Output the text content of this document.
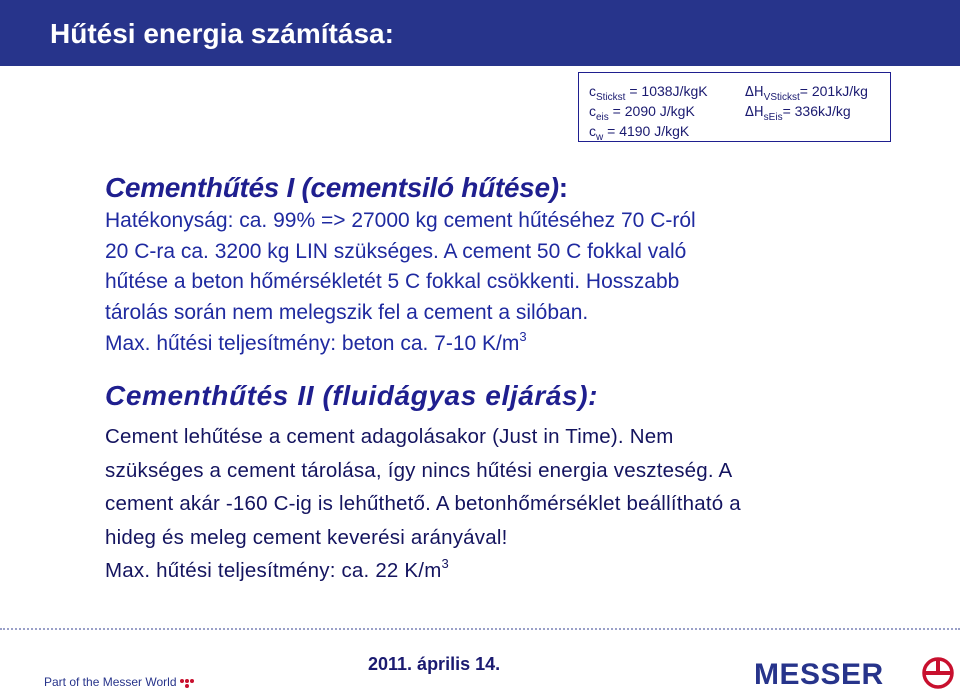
Hűtési energia számítása:
$c_{Stickst} = 1038J/kgK$
$c_{eis} = 2090$ J/kgK
$c_w = 4190$ J/kgK
$\Delta H_{VStickst}= 201kJ/kg$
$\Delta H_{sEis}= 336kJ/kg$
Cementhűtés I (cementsiló hűtése):
Hatékonyság: ca. 99% => 27000 kg cement hűtéséhez 70 C-ról
20 C-ra ca. 3200 kg LIN szükséges. A cement 50 C fokkal való
hűtése a beton hőmérsékletét 5 C fokkal csökkenti. Hosszabb
tárolás során nem melegszik fel a cement a silóban.
Max. hűtési teljesítmény: beton ca. 7-10 $K/m^3$
Cementhűtés II (fluidágyas eljárás):
Cement lehűtése a cement adagolásakor (Just in Time). Nem
szükséges a cement tárolása, így nincs hűtési energia veszteség. A
cement akár -160 C-ig is lehűthető. A betonhőmérséklet beállítható a
hideg és meleg cement keverési arányával!
Max. hűtési teljesítmény: ca. 22 $K/m^3$
Part of the Messer World
2011. április 14.	MESSER
